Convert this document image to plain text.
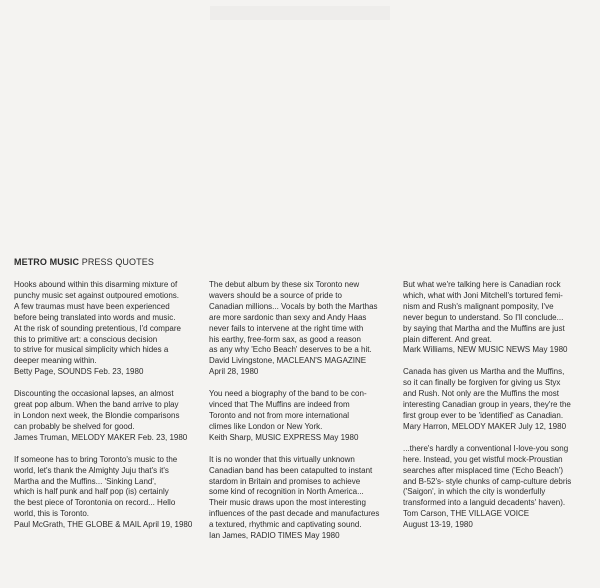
METRO MUSIC PRESS QUOTES
Hooks abound within this disarming mixture of
punchy music set against outpoured emotions.
A few traumas must have been experienced
before being translated into words and music.
At the risk of sounding pretentious, I'd compare
this to primitive art: a conscious decision
to strive for musical simplicity which hides a
deeper meaning within.
Betty Page, SOUNDS Feb. 23, 1980
Discounting the occasional lapses, an almost
great pop album. When the band arrive to play
in London next week, the Blondie comparisons
can probably be shelved for good.
James Truman, MELODY MAKER Feb. 23, 1980
If someone has to bring Toronto's music to the
world, let's thank the Almighty Juju that's it's
Martha and the Muffins... 'Sinking Land',
which is half punk and half pop (is) certainly
the best piece of Torontonia on record... Hello
world, this is Toronto.
Paul McGrath, THE GLOBE & MAIL April 19, 1980
The debut album by these six Toronto new
wavers should be a source of pride to
Canadian millions... Vocals by both the Marthas
are more sardonic than sexy and Andy Haas
never fails to intervene at the right time with
his earthy, free-form sax, as good a reason
as any why 'Echo Beach' deserves to be a hit.
David Livingstone, MACLEAN'S MAGAZINE
April 28, 1980
You need a biography of the band to be con-
vinced that The Muffins are indeed from
Toronto and not from more international
climes like London or New York.
Keith Sharp, MUSIC EXPRESS May 1980
It is no wonder that this virtually unknown
Canadian band has been catapulted to instant
stardom in Britain and promises to achieve
some kind of recognition in North America...
Their music draws upon the most interesting
influences of the past decade and manufactures
a textured, rhythmic and captivating sound.
Ian James, RADIO TIMES May 1980
But what we're talking here is Canadian rock
which, what with Joni Mitchell's tortured femi-
nism and Rush's malignant pomposity, I've
never begun to understand. So I'll conclude...
by saying that Martha and the Muffins are just
plain different. And great.
Mark Williams, NEW MUSIC NEWS May 1980
Canada has given us Martha and the Muffins,
so it can finally be forgiven for giving us Styx
and Rush. Not only are the Muffins the most
interesting Canadian group in years, they're the
first group ever to be 'identified' as Canadian.
Mary Harron, MELODY MAKER July 12, 1980
...there's hardly a conventional I-love-you song
here. Instead, you get wistful mock-Proustian
searches after misplaced time ('Echo Beach')
and B-52's- style chunks of camp-culture debris
('Saigon', in which the city is wonderfully
transformed into a languid decadents' haven).
Tom Carson, THE VILLAGE VOICE
August 13-19, 1980
